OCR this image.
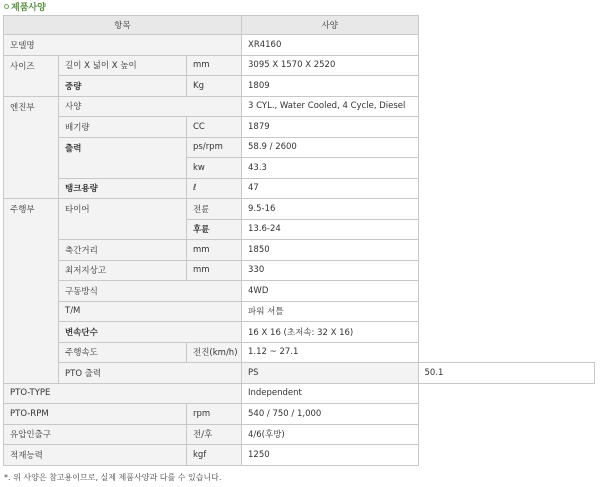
제품사양
항목			사양	
모델명			XR4160	
사이즈	길이 X 넓이 X 높이	mm	3095 X 1570 X 2520	
	중량	Kg	1809	
엔진부	사양		3 CYL., Water Cooled, 4 Cycle, Diesel	
	배기량	CC	1879	
	출력	ps/rpm	58.9 / 2600	
		kw	43.3	
	탱크용량	ℓ	47	
주행부	타이어	전륜	9.5-16	
		후륜	13.6-24	
	축간거리	mm	1850	
	최저지상고	mm	330	
	구동방식		4WD	
	T/M		파워 셔틀	
	변속단수		16 X 16 (초저속: 32 X 16)	
	주행속도	전진(km/h)	1.12 ~ 27.1	
	PTO 출력		PS	50.1
PTO-TYPE			Independent	
PTO-RPM		rpm	540 / 750 / 1,000	
유압인출구		전/후	4/6(후방)	
적재능력		kgf	1250	
*. 위 사양은 참고용이므로, 실제 제품사양과 다를 수 있습니다.
